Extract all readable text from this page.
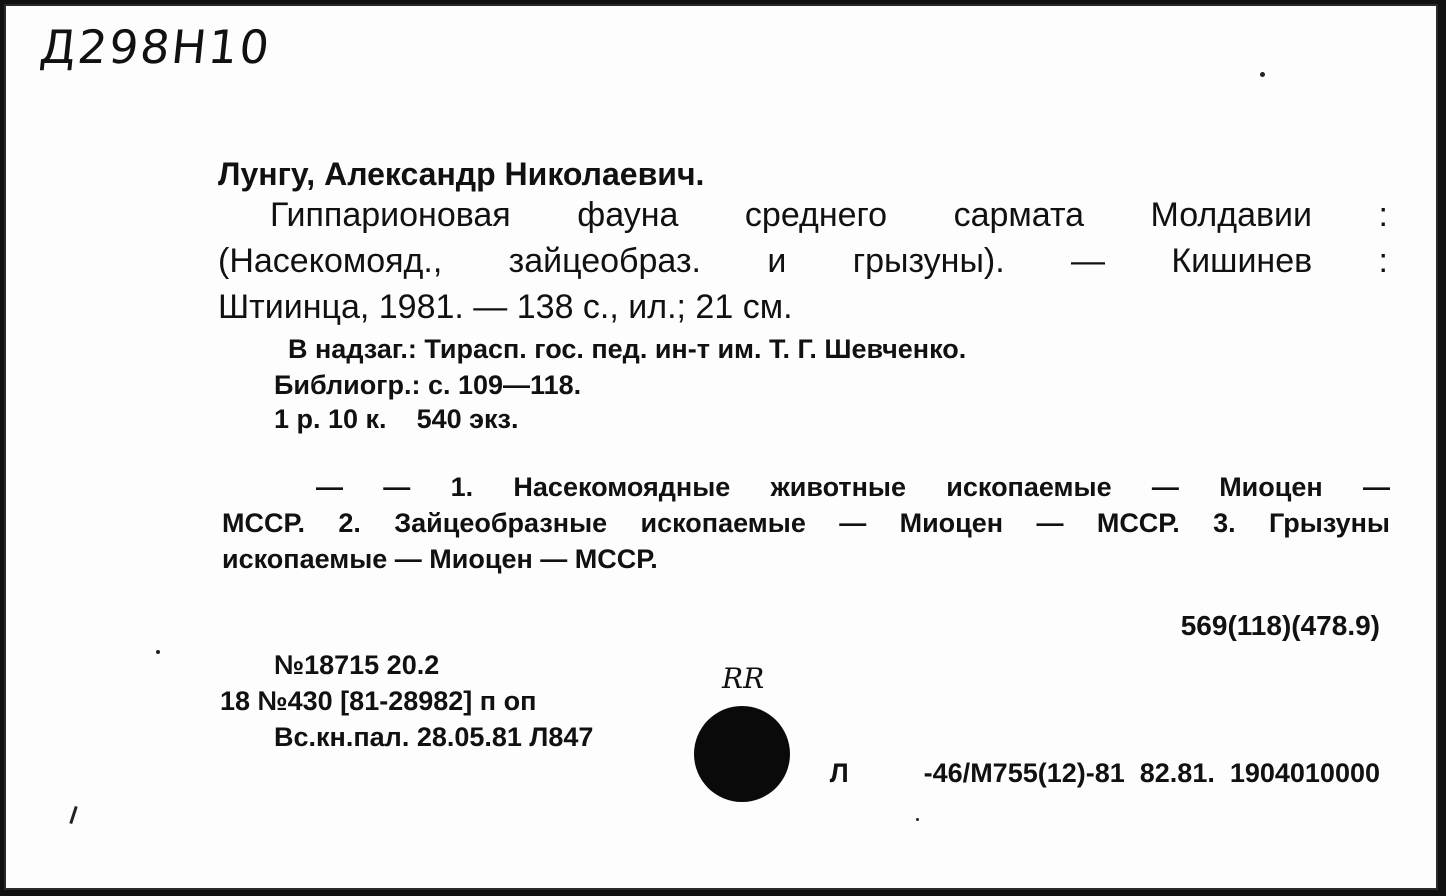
Д298Н10
Лунгу, Александр Николаевич.
Гиппарионовая фауна среднего сармата Молдавии :
(Насекомояд., зайцеобраз. и грызуны). — Кишинев :
Штиинца, 1981. — 138 с., ил.; 21 см.
В надзаг.: Тирасп. гос. пед. ин-т им. Т. Г. Шевченко.
Библиогр.: с. 109—118.
1 р. 10 к.    540 экз.
— — 1. Насекомоядные животные ископаемые — Миоцен —
МССР. 2. Зайцеобразные ископаемые — Миоцен — МССР. 3. Грызуны
ископаемые — Миоцен — МССР.
569(118)(478.9)
№18715 20.2
18 №430 [81-28982] п оп
Вс.кн.пал. 28.05.81 Л847
Л          -46/М755(12)-81  82.81.  1904010000
RR
